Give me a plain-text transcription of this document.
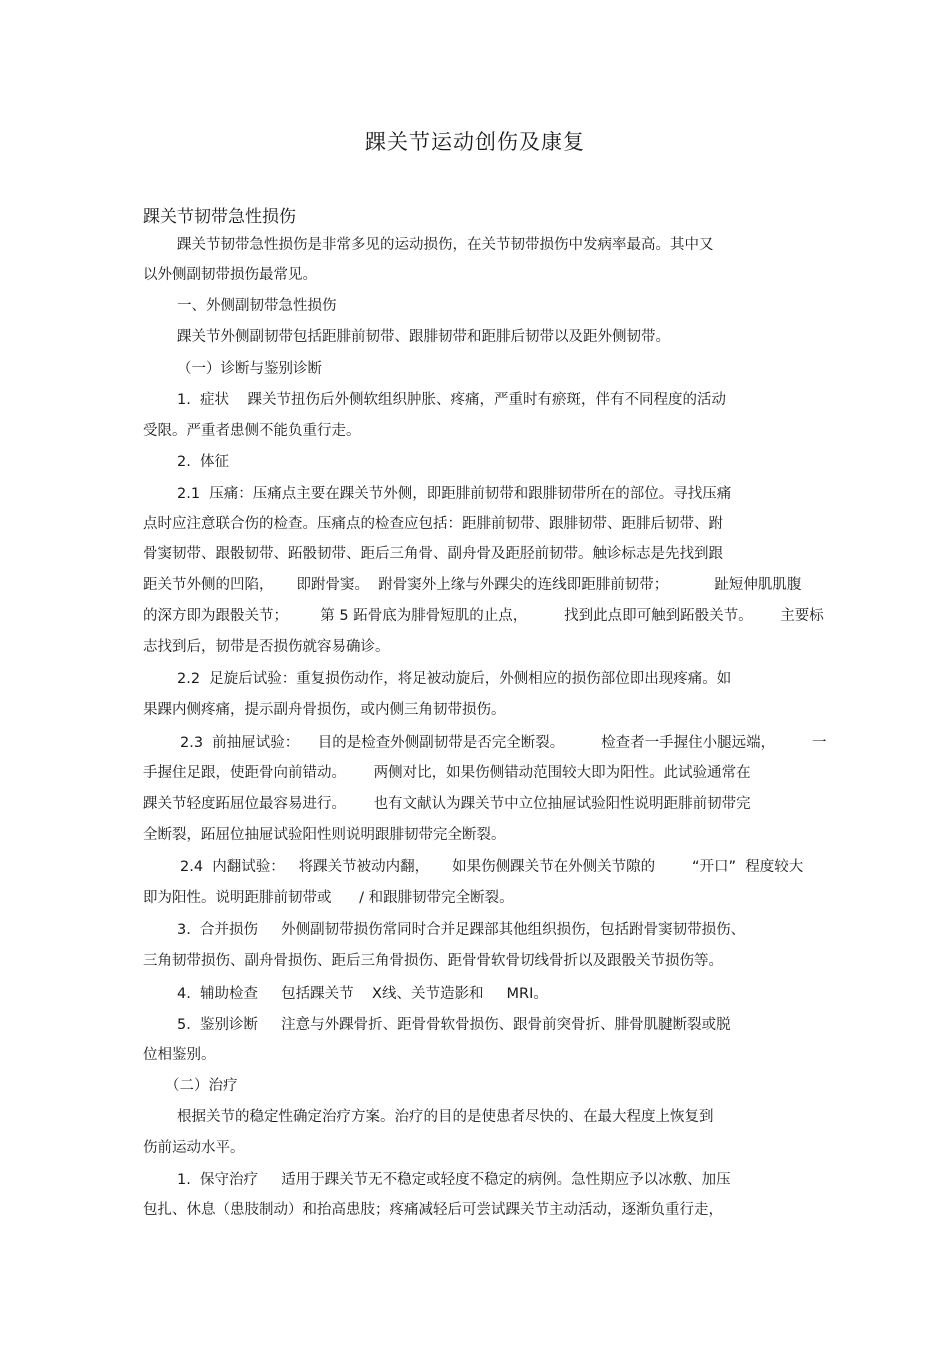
踝关节运动创伤及康复
踝关节韧带急性损伤
踝关节韧带急性损伤是非常多见的运动损伤，在关节韧带损伤中发病率最高。其中又
以外侧副韧带损伤最常见。
一、外侧副韧带急性损伤
踝关节外侧副韧带包括距腓前韧带、跟腓韧带和距腓后韧带以及距外侧韧带。
（一）诊断与鉴别诊断
1.  症状    踝关节扭伤后外侧软组织肿胀、疼痛，严重时有瘀斑，伴有不同程度的活动
受限。严重者患侧不能负重行走。
2.  体征
2.1  压痛：压痛点主要在踝关节外侧，即距腓前韧带和跟腓韧带所在的部位。寻找压痛
点时应注意联合伤的检查。压痛点的检查应包括：距腓前韧带、跟腓韧带、距腓后韧带、跗
骨窦韧带、跟骰韧带、跖骰韧带、距后三角骨、副舟骨及距胫前韧带。触诊标志是先找到跟
距关节外侧的凹陷，     即跗骨窦。  跗骨窦外上缘与外踝尖的连线即距腓前韧带；          趾短伸肌肌腹
的深方即为跟骰关节；       第 5 跖骨底为腓骨短肌的止点，        找到此点即可触到跖骰关节。      主要标
志找到后，韧带是否损伤就容易确诊。
2.2  足旋后试验：重复损伤动作，将足被动旋后，外侧相应的损伤部位即出现疼痛。如
果踝内侧疼痛，提示副舟骨损伤，或内侧三角韧带损伤。
2.3  前抽屉试验：    目的是检查外侧副韧带是否完全断裂。        检查者一手握住小腿远端，        一
手握住足跟，使距骨向前错动。      两侧对比，如果伤侧错动范围较大即为阳性。此试验通常在
踝关节轻度跖屈位最容易进行。      也有文献认为踝关节中立位抽屉试验阳性说明距腓前韧带完
全断裂，跖屈位抽屉试验阳性则说明跟腓韧带完全断裂。
2.4  内翻试验：   将踝关节被动内翻，     如果伤侧踝关节在外侧关节隙的        “开口”  程度较大
即为阳性。说明距腓前韧带或      / 和跟腓韧带完全断裂。
3.  合并损伤     外侧副韧带损伤常同时合并足踝部其他组织损伤，包括跗骨窦韧带损伤、
三角韧带损伤、副舟骨损伤、距后三角骨损伤、距骨骨软骨切线骨折以及跟骰关节损伤等。
4.  辅助检查     包括踝关节    X线、关节造影和     MRI。
5.  鉴别诊断     注意与外踝骨折、距骨骨软骨损伤、跟骨前突骨折、腓骨肌腱断裂或脱
位相鉴别。
（二）治疗
根据关节的稳定性确定治疗方案。治疗的目的是使患者尽快的、在最大程度上恢复到
伤前运动水平。
1.  保守治疗     适用于踝关节无不稳定或轻度不稳定的病例。急性期应予以冰敷、加压
包扎、休息（患肢制动）和抬高患肢；疼痛减轻后可尝试踝关节主动活动，逐渐负重行走，
